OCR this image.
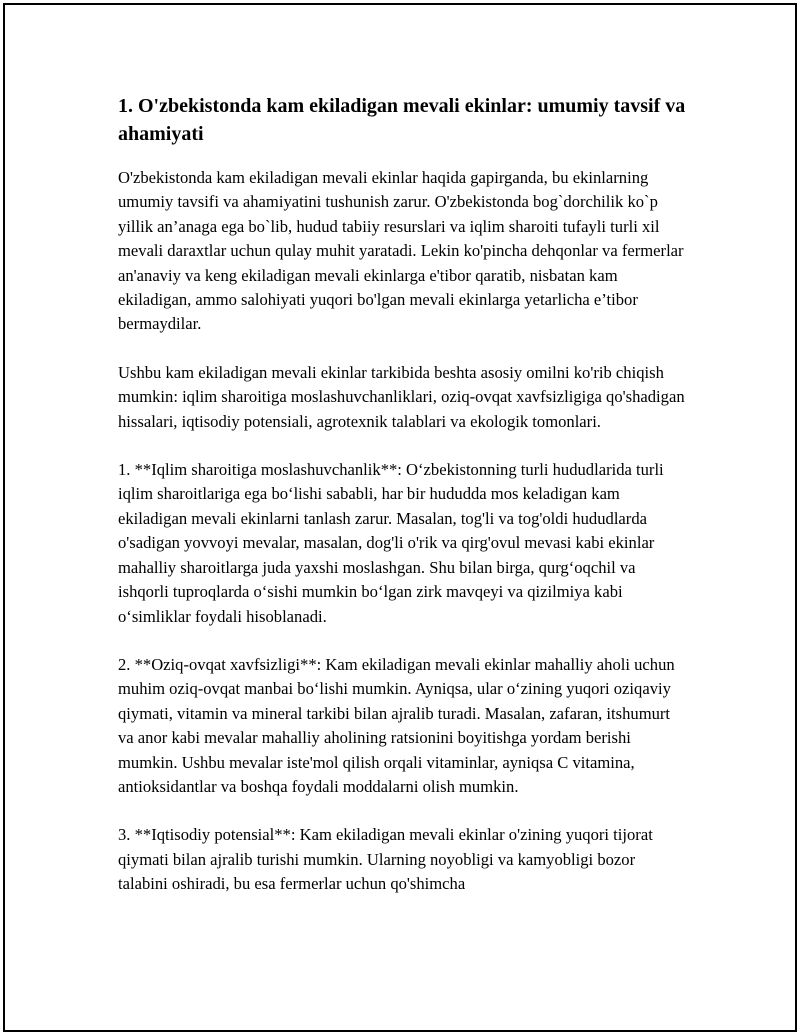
1. O'zbekistonda kam ekiladigan mevali ekinlar: umumiy tavsif va ahamiyati

O'zbekistonda kam ekiladigan mevali ekinlar haqida gapirganda, bu ekinlarning umumiy tavsifi va ahamiyatini tushunish zarur. O'zbekistonda bog`dorchilik ko`p yillik an’anaga ega bo`lib, hudud tabiiy resurslari va iqlim sharoiti tufayli turli xil mevali daraxtlar uchun qulay muhit yaratadi. Lekin ko'pincha dehqonlar va fermerlar an'anaviy va keng ekiladigan mevali ekinlarga e'tibor qaratib, nisbatan kam ekiladigan, ammo salohiyati yuqori bo'lgan mevali ekinlarga yetarlicha e’tibor bermaydilar.

Ushbu kam ekiladigan mevali ekinlar tarkibida beshta asosiy omilni ko'rib chiqish mumkin: iqlim sharoitiga moslashuvchanliklari, oziq-ovqat xavfsizligiga qo'shadigan hissalari, iqtisodiy potensiali, agrotexnik talablari va ekologik tomonlari.

1. **Iqlim sharoitiga moslashuvchanlik**: O‘zbekistonning turli hududlarida turli iqlim sharoitlariga ega bo‘lishi sababli, har bir hududda mos keladigan kam ekiladigan mevali ekinlarni tanlash zarur. Masalan, tog'li va tog'oldi hududlarda o'sadigan yovvoyi mevalar, masalan, dog'li o'rik va qirg'ovul mevasi kabi ekinlar mahalliy sharoitlarga juda yaxshi moslashgan. Shu bilan birga, qurg‘oqchil va ishqorli tuproqlarda o‘sishi mumkin bo‘lgan zirk mavqeyi va qizilmiya kabi o‘simliklar foydali hisoblanadi.

2. **Oziq-ovqat xavfsizligi**: Kam ekiladigan mevali ekinlar mahalliy aholi uchun muhim oziq-ovqat manbai bo‘lishi mumkin. Ayniqsa, ular o‘zining yuqori oziqaviy qiymati, vitamin va mineral tarkibi bilan ajralib turadi. Masalan, zafaran, itshumurt va anor kabi mevalar mahalliy aholining ratsionini boyitishga yordam berishi mumkin. Ushbu mevalar iste'mol qilish orqali vitaminlar, ayniqsa C vitamina, antioksidantlar va boshqa foydali moddalarni olish mumkin.

3. **Iqtisodiy potensial**: Kam ekiladigan mevali ekinlar o'zining yuqori tijorat qiymati bilan ajralib turishi mumkin. Ularning noyobligi va kamyobligi bozor talabini oshiradi, bu esa fermerlar uchun qo'shimcha
